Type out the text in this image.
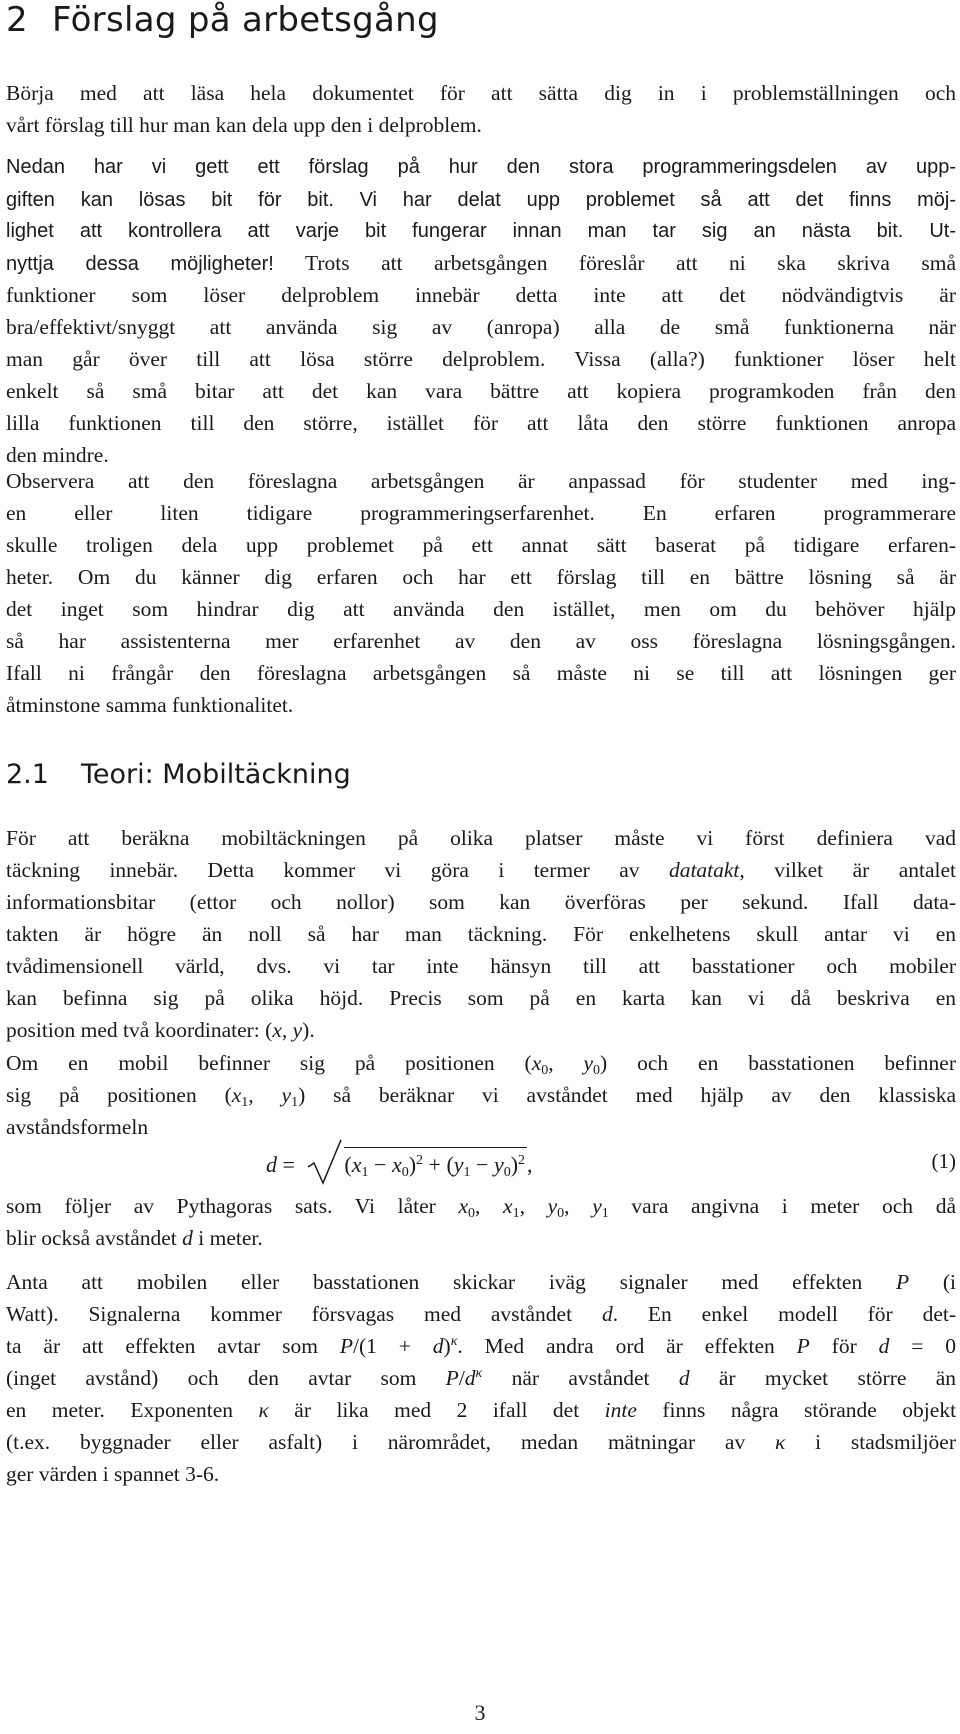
2 Förslag på arbetsgång
Börja med att läsa hela dokumentet för att sätta dig in i problemställningen och
vårt förslag till hur man kan dela upp den i delproblem.
Nedan har vi gett ett förslag på hur den stora programmeringsdelen av upp-
giften kan lösas bit för bit. Vi har delat upp problemet så att det finns möj-
lighet att kontrollera att varje bit fungerar innan man tar sig an nästa bit. Ut-
nyttja dessa möjligheter! Trots att arbetsgången föreslår att ni ska skriva små
funktioner som löser delproblem innebär detta inte att det nödvändigtvis är
bra/effektivt/snyggt att använda sig av (anropa) alla de små funktionerna när
man går över till att lösa större delproblem. Vissa (alla?) funktioner löser helt
enkelt så små bitar att det kan vara bättre att kopiera programkoden från den
lilla funktionen till den större, istället för att låta den större funktionen anropa
den mindre.
Observera att den föreslagna arbetsgången är anpassad för studenter med ing-
en eller liten tidigare programmeringserfarenhet. En erfaren programmerare
skulle troligen dela upp problemet på ett annat sätt baserat på tidigare erfaren-
heter. Om du känner dig erfaren och har ett förslag till en bättre lösning så är
det inget som hindrar dig att använda den istället, men om du behöver hjälp
så har assistenterna mer erfarenhet av den av oss föreslagna lösningsgången.
Ifall ni frångår den föreslagna arbetsgången så måste ni se till att lösningen ger
åtminstone samma funktionalitet.
2.1 Teori: Mobiltäckning
För att beräkna mobiltäckningen på olika platser måste vi först definiera vad
täckning innebär. Detta kommer vi göra i termer av datatakt, vilket är antalet
informationsbitar (ettor och nollor) som kan överföras per sekund. Ifall data-
takten är högre än noll så har man täckning. För enkelhetens skull antar vi en
tvådimensionell värld, dvs. vi tar inte hänsyn till att basstationer och mobiler
kan befinna sig på olika höjd. Precis som på en karta kan vi då beskriva en
position med två koordinater: (x, y).
Om en mobil befinner sig på positionen ($x_0$, $y_0$) och en basstationen befinner
sig på positionen ($x_1$, $y_1$) så beräknar vi avståndet med hjälp av den klassiska
avståndsformeln
d =
$(x_1 - x_0)^2 + (y_1 - y_0)^2$,	(1)
som följer av Pythagoras sats. Vi låter $x_0$, $x_1$, $y_0$, $y_1$ vara angivna i meter och då
blir också avståndet d i meter.
Anta att mobilen eller basstationen skickar iväg signaler med effekten P (i
Watt). Signalerna kommer försvagas med avståndet d. En enkel modell för det-
ta är att effekten avtar som $P/(1 + d)^\kappa$. Med andra ord är effekten P för d = 0
(inget avstånd) och den avtar som $P/d^\kappa$ när avståndet d är mycket större än
en meter. Exponenten κ är lika med 2 ifall det inte finns några störande objekt
(t.ex. byggnader eller asfalt) i närområdet, medan mätningar av κ i stadsmiljöer
ger värden i spannet 3-6.
3
